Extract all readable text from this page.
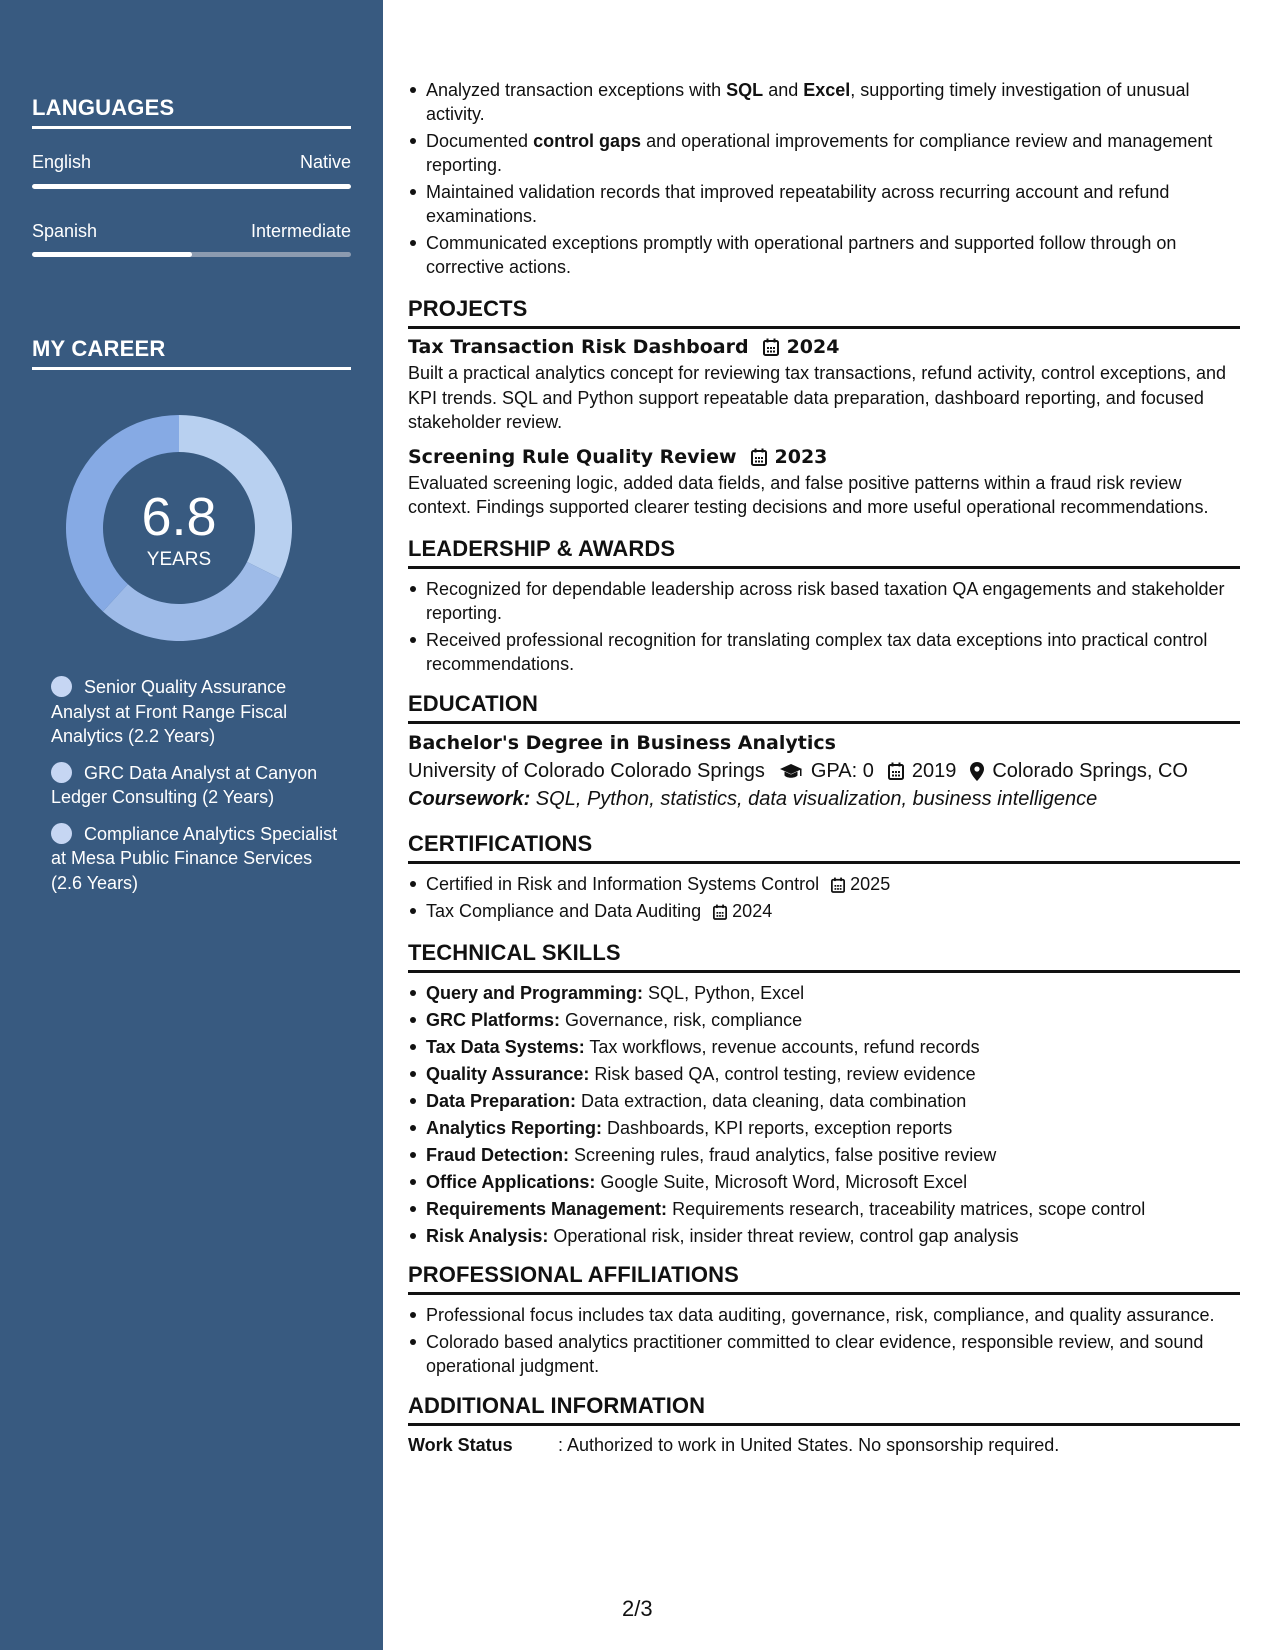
LANGUAGES
English	Native
Spanish	Intermediate
MY CAREER
6.8
YEARS
Senior Quality Assurance Analyst at Front Range Fiscal Analytics (2.2 Years)
GRC Data Analyst at Canyon Ledger Consulting (2 Years)
Compliance Analytics Specialist at Mesa Public Finance Services (2.6 Years)
Analyzed transaction exceptions with SQL and Excel, supporting timely investigation of unusual activity.
Documented control gaps and operational improvements for compliance review and management reporting.
Maintained validation records that improved repeatability across recurring account and refund examinations.
Communicated exceptions promptly with operational partners and supported follow through on corrective actions.
PROJECTS
Tax Transaction Risk Dashboard 2024
Built a practical analytics concept for reviewing tax transactions, refund activity, control exceptions, and KPI trends. SQL and Python support repeatable data preparation, dashboard reporting, and focused stakeholder review.
Screening Rule Quality Review 2023
Evaluated screening logic, added data fields, and false positive patterns within a fraud risk review context. Findings supported clearer testing decisions and more useful operational recommendations.
LEADERSHIP & AWARDS
Recognized for dependable leadership across risk based taxation QA engagements and stakeholder reporting.
Received professional recognition for translating complex tax data exceptions into practical control recommendations.
EDUCATION
Bachelor's Degree in Business Analytics
University of Colorado Colorado Springs GPA: 0 2019 Colorado Springs, CO
Coursework: SQL, Python, statistics, data visualization, business intelligence
CERTIFICATIONS
Certified in Risk and Information Systems Control 2025
Tax Compliance and Data Auditing 2024
TECHNICAL SKILLS
Query and Programming: SQL, Python, Excel
GRC Platforms: Governance, risk, compliance
Tax Data Systems: Tax workflows, revenue accounts, refund records
Quality Assurance: Risk based QA, control testing, review evidence
Data Preparation: Data extraction, data cleaning, data combination
Analytics Reporting: Dashboards, KPI reports, exception reports
Fraud Detection: Screening rules, fraud analytics, false positive review
Office Applications: Google Suite, Microsoft Word, Microsoft Excel
Requirements Management: Requirements research, traceability matrices, scope control
Risk Analysis: Operational risk, insider threat review, control gap analysis
PROFESSIONAL AFFILIATIONS
Professional focus includes tax data auditing, governance, risk, compliance, and quality assurance.
Colorado based analytics practitioner committed to clear evidence, responsible review, and sound operational judgment.
ADDITIONAL INFORMATION
Work Status	: Authorized to work in United States. No sponsorship required.
2/3
